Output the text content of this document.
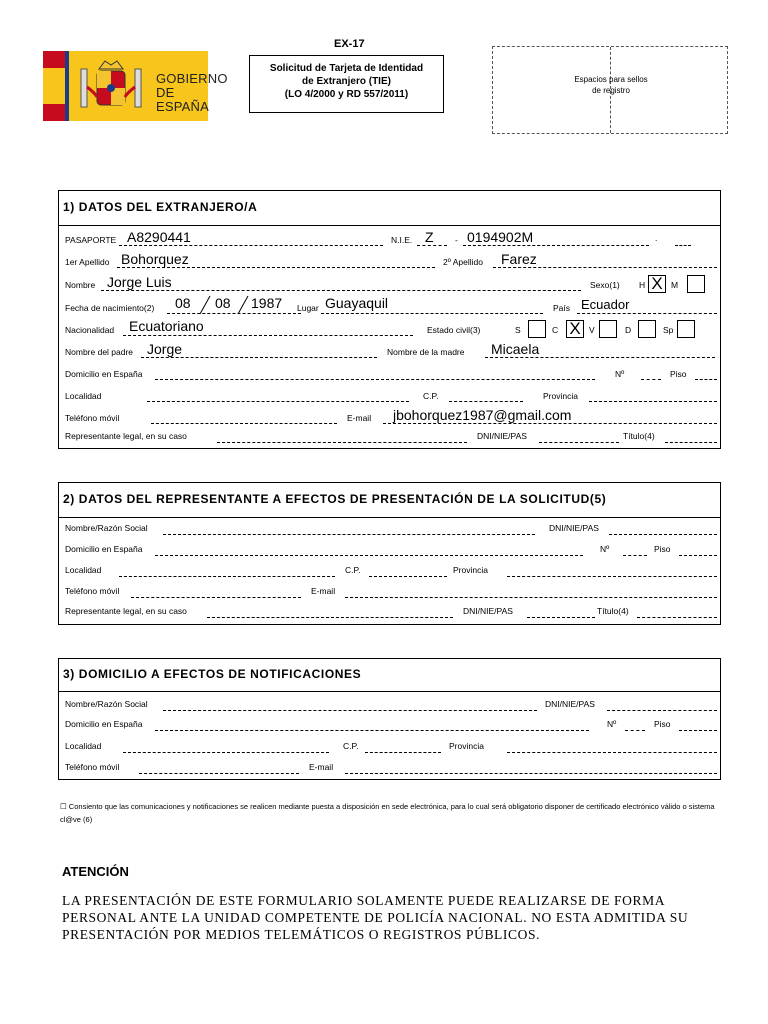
GOBIERNO
DE ESPAÑA
EX-17
Solicitud de Tarjeta de Identidad
de Extranjero (TIE)
(LO 4/2000 y RD 557/2011)
Espacios para sellos
de registro
1) DATOS DEL EXTRANJERO/A
PASAPORTE A8290441	N.I.E. Z	- 0194902M	.
1er Apellido Bohorquez	2º Apellido Farez
Nombre Jorge Luis	Sexo(1) H X M
Fecha de nacimiento(2) 08 08 1987 Lugar Guayaquil	País Ecuador
Nacionalidad Ecuatoriano	Estado civil(3)	S	C X V	D	Sp
Nombre del padre Jorge	Nombre de la madre Micaela
Domicilio en España	Nº	Piso
Localidad	C.P.	Provincia
Teléfono móvil	E-mail jbohorquez1987@gmail.com
Representante legal, en su caso	DNI/NIE/PAS	Título(4)
2) DATOS DEL REPRESENTANTE A EFECTOS DE PRESENTACIÓN DE LA SOLICITUD(5)
Nombre/Razón Social	DNI/NIE/PAS
Domicilio en España	Nº	Piso
Localidad	C.P.	Provincia
Teléfono móvil	E-mail
Representante legal, en su caso	DNI/NIE/PAS	Título(4)
3) DOMICILIO A EFECTOS DE NOTIFICACIONES
Nombre/Razón Social	DNI/NIE/PAS
Domicilio en España	Nº	Piso
Localidad	C.P.	Provincia
Teléfono móvil	E-mail
☐ Consiento que las comunicaciones y notificaciones se realicen mediante puesta a disposición en sede electrónica, para lo cual será obligatorio disponer de certificado electrónico válido o sistema cl@ve (6)
ATENCIÓN
LA PRESENTACIÓN DE ESTE FORMULARIO SOLAMENTE PUEDE REALIZARSE DE FORMA PERSONAL ANTE LA UNIDAD COMPETENTE DE POLICÍA NACIONAL. NO ESTA ADMITIDA SU PRESENTACIÓN POR MEDIOS TELEMÁTICOS O REGISTROS PÚBLICOS.
